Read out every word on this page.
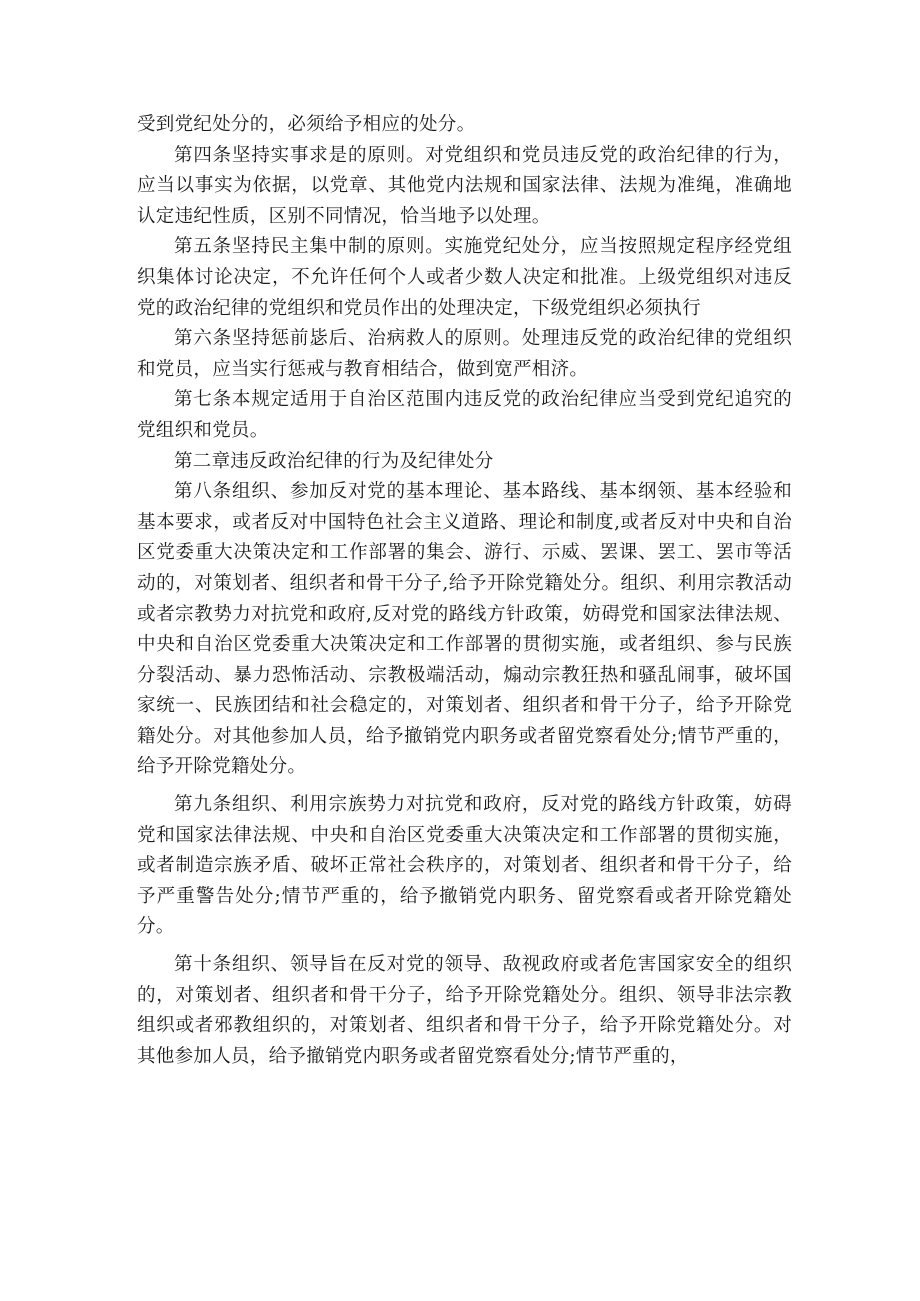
受到党纪处分的，必须给予相应的处分。

第四条坚持实事求是的原则。对党组织和党员违反党的政治纪律的行为，应当以事实为依据，以党章、其他党内法规和国家法律、法规为准绳，准确地认定违纪性质，区别不同情况，恰当地予以处理。

第五条坚持民主集中制的原则。实施党纪处分，应当按照规定程序经党组织集体讨论决定，不允许任何个人或者少数人决定和批准。上级党组织对违反党的政治纪律的党组织和党员作出的处理决定，下级党组织必须执行

第六条坚持惩前毖后、治病救人的原则。处理违反党的政治纪律的党组织和党员，应当实行惩戒与教育相结合，做到宽严相济。

第七条本规定适用于自治区范围内违反党的政治纪律应当受到党纪追究的党组织和党员。

第二章违反政治纪律的行为及纪律处分

第八条组织、参加反对党的基本理论、基本路线、基本纲领、基本经验和基本要求，或者反对中国特色社会主义道路、理论和制度,或者反对中央和自治区党委重大决策决定和工作部署的集会、游行、示威、罢课、罢工、罢市等活动的，对策划者、组织者和骨干分子,给予开除党籍处分。组织、利用宗教活动或者宗教势力对抗党和政府,反对党的路线方针政策，妨碍党和国家法律法规、中央和自治区党委重大决策决定和工作部署的贯彻实施，或者组织、参与民族分裂活动、暴力恐怖活动、宗教极端活动，煽动宗教狂热和骚乱闹事，破坏国家统一、民族团结和社会稳定的，对策划者、组织者和骨干分子，给予开除党籍处分。对其他参加人员，给予撤销党内职务或者留党察看处分;情节严重的，给予开除党籍处分。

第九条组织、利用宗族势力对抗党和政府，反对党的路线方针政策，妨碍党和国家法律法规、中央和自治区党委重大决策决定和工作部署的贯彻实施，或者制造宗族矛盾、破坏正常社会秩序的，对策划者、组织者和骨干分子，给予严重警告处分;情节严重的，给予撤销党内职务、留党察看或者开除党籍处分。

第十条组织、领导旨在反对党的领导、敌视政府或者危害国家安全的组织的，对策划者、组织者和骨干分子，给予开除党籍处分。组织、领导非法宗教组织或者邪教组织的，对策划者、组织者和骨干分子，给予开除党籍处分。对其他参加人员，给予撤销党内职务或者留党察看处分;情节严重的，
